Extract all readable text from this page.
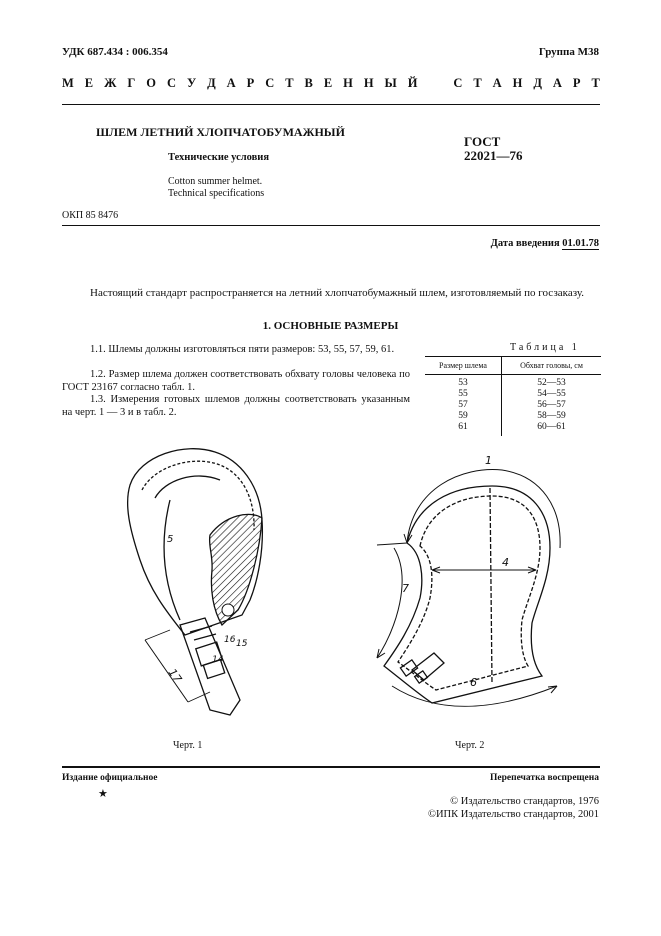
УДК 687.434 : 006.354	Группа М38
М Е Ж Г О С У Д А Р С Т В Е Н Н Ы Й	С Т А Н Д А Р Т
ШЛЕМ ЛЕТНИЙ ХЛОПЧАТОБУМАЖНЫЙ
Технические условия
Cotton summer helmet.
Technical specifications
ГОСТ
22021—76
ОКП 85 8476
Дата введения 01.01.78
Настоящий стандарт распространяется на летний хлопчатобумажный шлем, изготовляемый по госзаказу.
1. ОСНОВНЫЕ РАЗМЕРЫ
1.1. Шлемы должны изготовляться пяти размеров: 53, 55, 57, 59, 61.
1.2. Размер шлема должен соответствовать обхвату головы человека по ГОСТ 23167 согласно табл. 1.
1.3. Измерения готовых шлемов должны соответствовать указанным на черт. 1 — 3 и в табл. 2.
Таблица 1
Размер шлема	Обхват головы, см
53	52—53
55	54—55
57	56—57
59	58—59
61	60—61
17
5
16 15
14
Черт. 1
1
4
7
6
Черт. 2
Издание официальное	Перепечатка воспрещена
★
© Издательство стандартов, 1976
©ИПК Издательство стандартов, 2001
